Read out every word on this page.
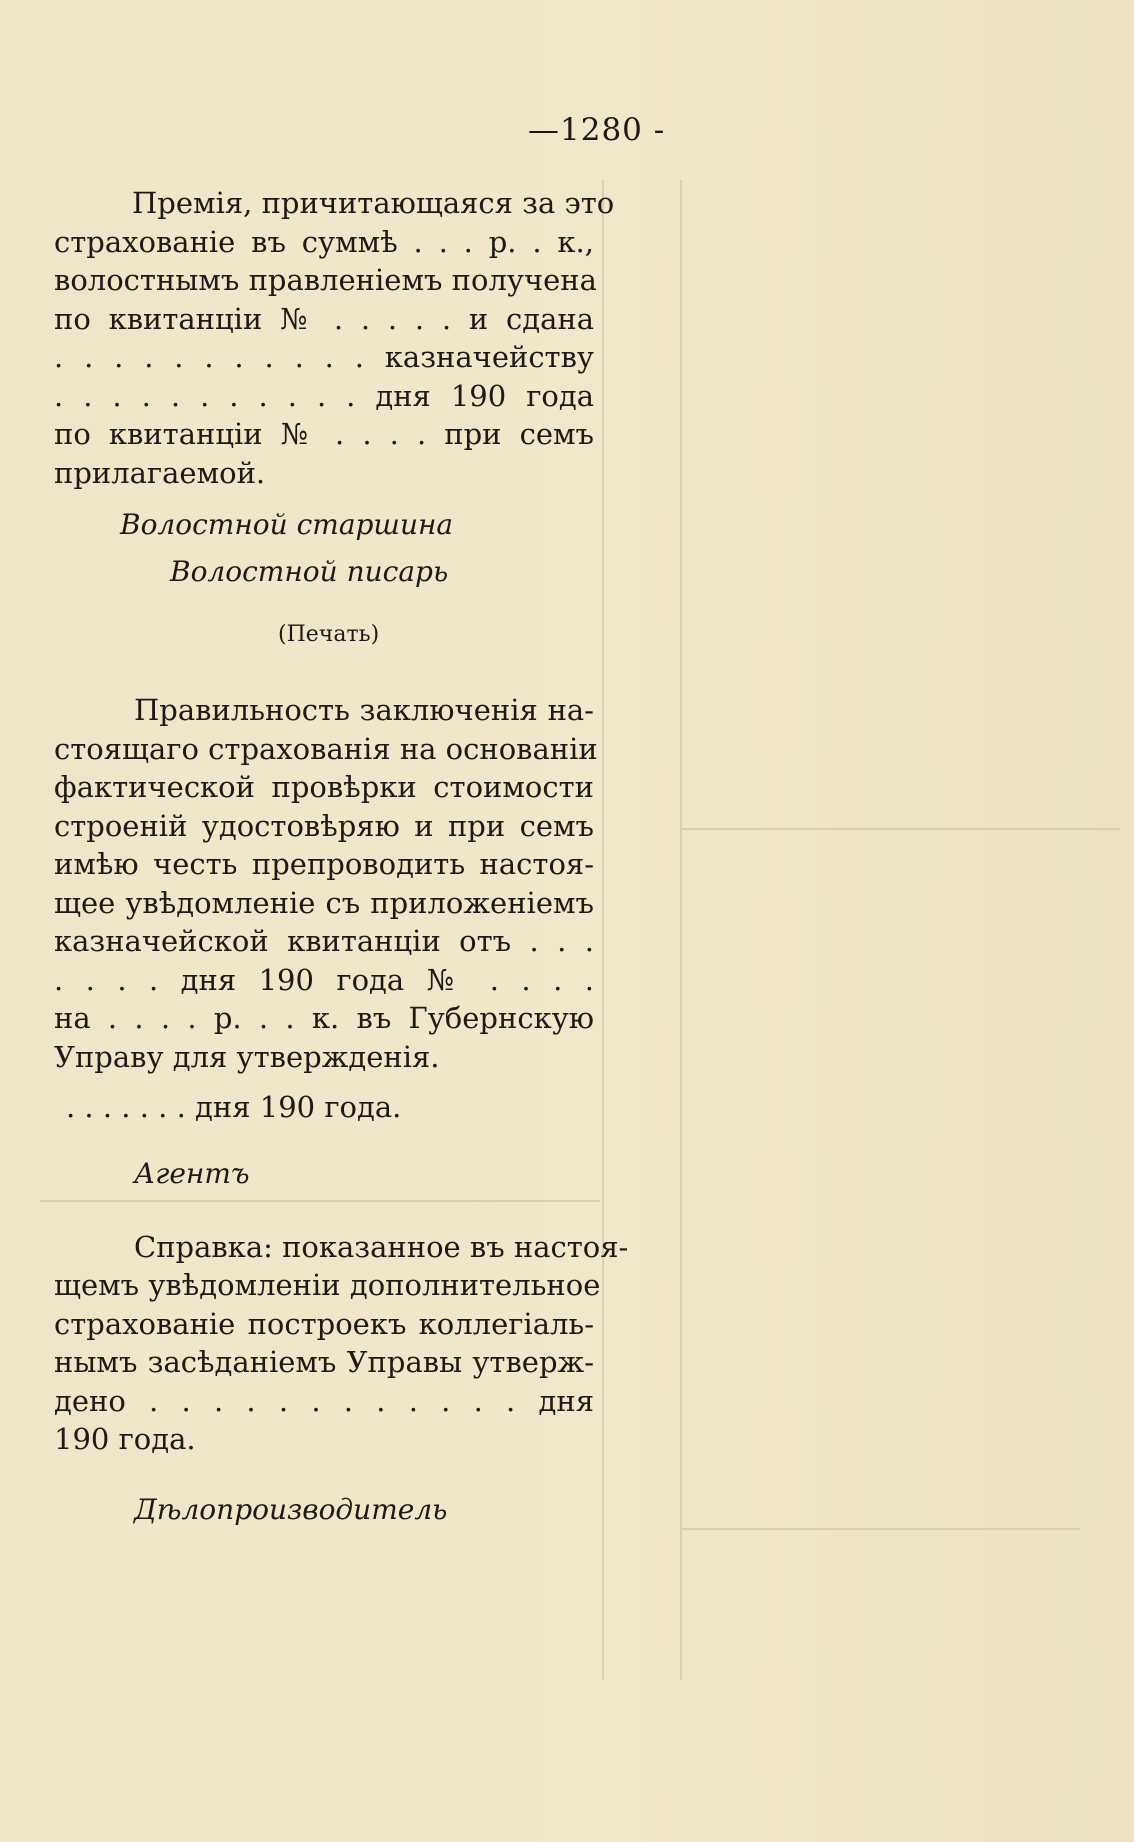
—1280 -
Премія, причитающаяся за это
страхованіе въ суммѣ . . . р. . к.,
волостнымъ правленіемъ получена
по квитанціи № . . . . . и сдана
. . . . . . . . . . . казначейству
. . . . . . . . . . . дня 190 года
по квитанціи № . . . . при семъ
прилагаемой.

Волостной старшина

Волостной писарь

(Печать)

Правильность заключенія на-
стоящаго страхованія на основаніи
фактической провѣрки стоимости
строеній удостовѣряю и при семъ
имѣю честь препроводить настоя-
щее увѣдомленіе съ приложеніемъ
казначейской квитанціи отъ . . .
. . . . дня 190 года № . . . .
на . . . . р. . . к. въ Губернскую
Управу для утвержденія.

. . . . . . . дня 190 года.

Агентъ

Справка: показанное въ настоя-
щемъ увѣдомленіи дополнительное
страхованіе построекъ коллегіаль-
нымъ засѣданіемъ Управы утверж-
дено . . . . . . . . . . . . дня
190 года.

Дѣлопроизводитель
